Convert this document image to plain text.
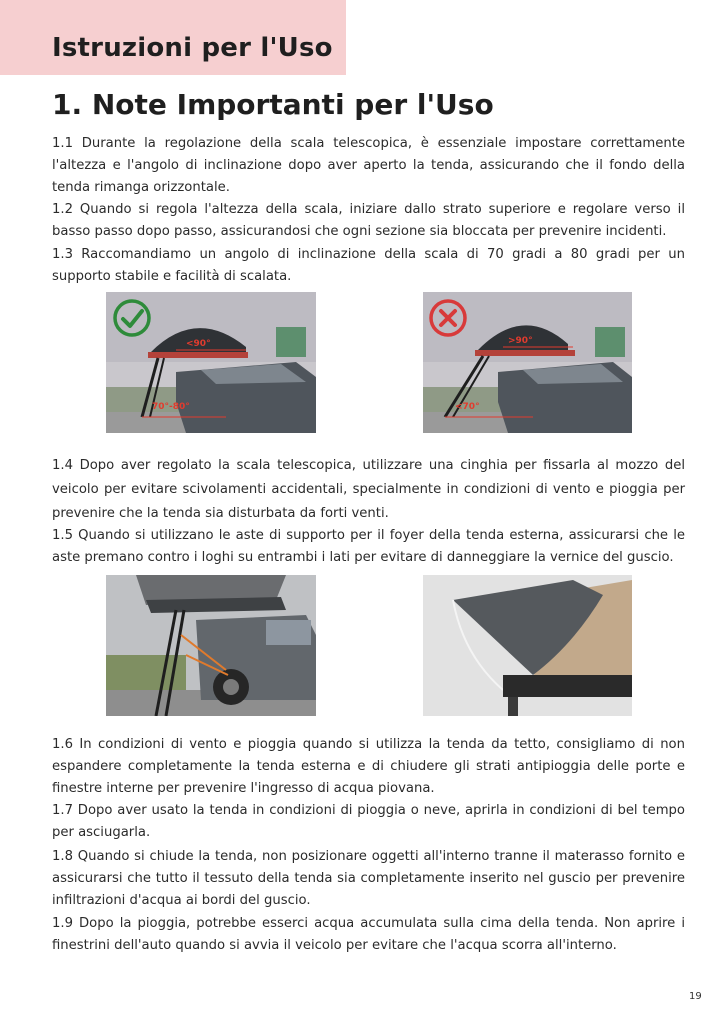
Istruzioni per l'Uso
1. Note Importanti per l'Uso

1.1 Durante la regolazione della scala telescopica, è essenziale impostare correttamente l'altezza e l'angolo di inclinazione dopo aver aperto la tenda, assicurando che il fondo della tenda rimanga orizzontale.

1.2 Quando si regola l'altezza della scala, iniziare dallo strato superiore e regolare verso il basso passo dopo passo, assicurandosi che ogni sezione sia bloccata per prevenire incidenti.

1.3 Raccomandiamo un angolo di inclinazione della scala di 70 gradi a 80 gradi per un supporto stabile e facilità di scalata.

<90°
70°-80°
>90°
<70°

1.4 Dopo aver regolato la scala telescopica, utilizzare una cinghia per fissarla al mozzo del veicolo per evitare scivolamenti accidentali, specialmente in condizioni di vento e pioggia per prevenire che la tenda sia disturbata da forti venti.

1.5 Quando si utilizzano le aste di supporto per il foyer della tenda esterna, assicurarsi che le aste premano contro i loghi su entrambi i lati per evitare di danneggiare la vernice del guscio.

1.6 In condizioni di vento e pioggia quando si utilizza la tenda da tetto, consigliamo di non espandere completamente la tenda esterna e di chiudere gli strati antipioggia delle porte e finestre interne per prevenire l'ingresso di acqua piovana.

1.7 Dopo aver usato la tenda in condizioni di pioggia o neve, aprirla in condizioni di bel tempo per asciugarla.

1.8 Quando si chiude la tenda, non posizionare oggetti all'interno tranne il materasso fornito e assicurarsi che tutto il tessuto della tenda sia completamente inserito nel guscio per prevenire infiltrazioni d'acqua ai bordi del guscio.

1.9 Dopo la pioggia, potrebbe esserci acqua accumulata sulla cima della tenda. Non aprire i finestrini dell'auto quando si avvia il veicolo per evitare che l'acqua scorra all'interno.

19
